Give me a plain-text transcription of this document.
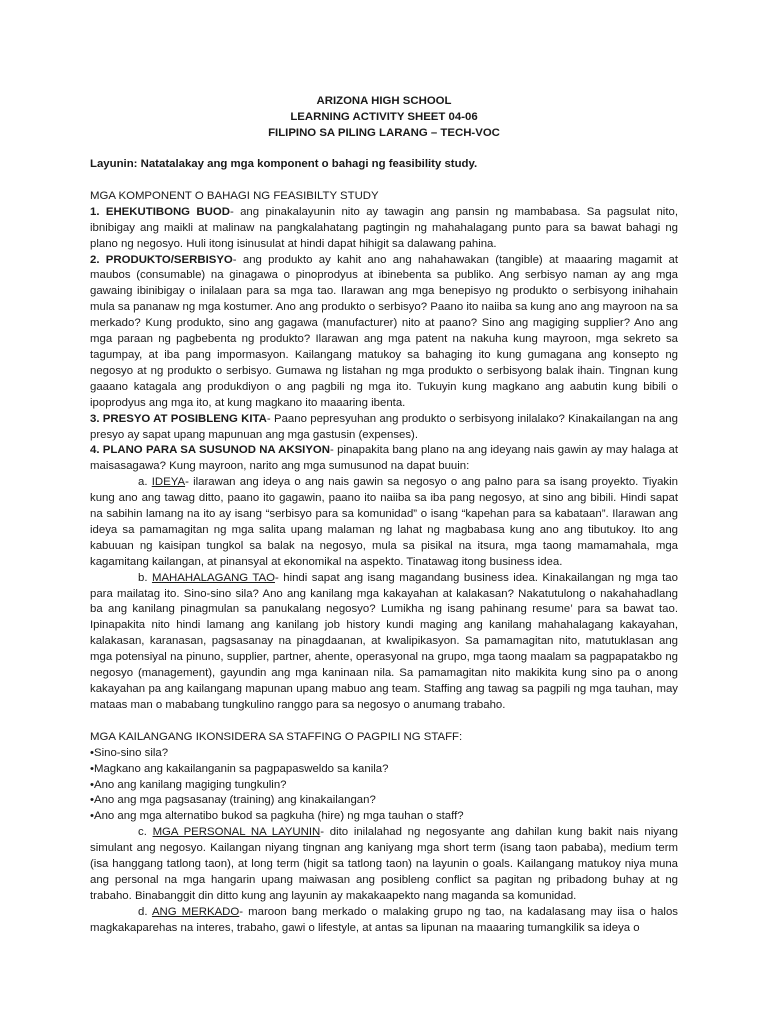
ARIZONA HIGH SCHOOL
LEARNING ACTIVITY SHEET 04-06
FILIPINO SA PILING LARANG – TECH-VOC
Layunin: Natatalakay ang mga komponent o bahagi ng feasibility study.

MGA KOMPONENT O BAHAGI NG FEASIBILTY STUDY

1. EHEKUTIBONG BUOD- ang pinakalayunin nito ay tawagin ang pansin ng mambabasa. Sa pagsulat nito, ibnibigay ang maikli at malinaw na pangkalahatang pagtingin ng mahahalagang punto para sa bawat bahagi ng plano ng negosyo. Huli itong isinusulat at hindi dapat hihigit sa dalawang pahina.

2. PRODUKTO/SERBISYO- ang produkto ay kahit ano ang nahahawakan (tangible) at maaaring magamit at maubos (consumable) na ginagawa o pinoprodyus at ibinebenta sa publiko. Ang serbisyo naman ay ang mga gawaing ibinibigay o inilalaan para sa mga tao. Ilarawan ang mga benepisyo ng produkto o serbisyong inihahain mula sa pananaw ng mga kostumer. Ano ang produkto o serbisyo? Paano ito naiiba sa kung ano ang mayroon na sa merkado? Kung produkto, sino ang gagawa (manufacturer) nito at paano? Sino ang magiging supplier? Ano ang mga paraan ng pagbebenta ng produkto? Ilarawan ang mga patent na nakuha kung mayroon, mga sekreto sa tagumpay, at iba pang impormasyon. Kailangang matukoy sa bahaging ito kung gumagana ang konsepto ng negosyo at ng produkto o serbisyo. Gumawa ng listahan ng mga produkto o serbisyong balak ihain. Tingnan kung gaaano katagala ang produkdiyon o ang pagbili ng mga ito. Tukuyin kung magkano ang aabutin kung bibili o ipoprodyus ang mga ito, at kung magkano ito maaaring ibenta.

3. PRESYO AT POSIBLENG KITA- Paano pepresyuhan ang produkto o serbisyong inilalako? Kinakailangan na ang presyo ay sapat upang mapunuan ang mga gastusin (expenses).

4. PLANO PARA SA SUSUNOD NA AKSIYON- pinapakita bang plano na ang ideyang nais gawin ay may halaga at maisasagawa? Kung mayroon, narito ang mga sumusunod na dapat buuin:

a. IDEYA- ilarawan ang ideya o ang nais gawin sa negosyo o ang palno para sa isang proyekto. Tiyakin kung ano ang tawag ditto, paano ito gagawin, paano ito naiiba sa iba pang negosyo, at sino ang bibili. Hindi sapat na sabihin lamang na ito ay isang “serbisyo para sa komunidad” o isang “kapehan para sa kabataan”. Ilarawan ang ideya sa pamamagitan ng mga salita upang malaman ng lahat ng magbabasa kung ano ang tibutukoy. Ito ang kabuuan ng kaisipan tungkol sa balak na negosyo, mula sa pisikal na itsura, mga taong mamamahala, mga kagamitang kailangan, at pinansyal at ekonomikal na aspekto. Tinatawag itong business idea.

b. MAHAHALAGANG TAO- hindi sapat ang isang magandang business idea. Kinakailangan ng mga tao para mailatag ito. Sino-sino sila? Ano ang kanilang mga kakayahan at kalakasan? Nakatutulong o nakahahadlang ba ang kanilang pinagmulan sa panukalang negosyo? Lumikha ng isang pahinang resume’ para sa bawat tao. Ipinapakita nito hindi lamang ang kanilang job history kundi maging ang kanilang mahahalagang kakayahan, kalakasan, karanasan, pagsasanay na pinagdaanan, at kwalipikasyon. Sa pamamagitan nito, matutuklasan ang mga potensiyal na pinuno, supplier, partner, ahente, operasyonal na grupo, mga taong maalam sa pagpapatakbo ng negosyo (management), gayundin ang mga kaninaan nila. Sa pamamagitan nito makikita kung sino pa o anong kakayahan pa ang kailangang mapunan upang mabuo ang team. Staffing ang tawag sa pagpili ng mga tauhan, may mataas man o mababang tungkulino ranggo para sa negosyo o anumang trabaho.

MGA KAILANGANG IKONSIDERA SA STAFFING O PAGPILI NG STAFF:

•Sino-sino sila?

•Magkano ang kakailanganin sa pagpapasweldo sa kanila?

•Ano ang kanilang magiging tungkulin?

•Ano ang mga pagsasanay (training) ang kinakailangan?

•Ano ang mga alternatibo bukod sa pagkuha (hire) ng mga tauhan o staff?

c. MGA PERSONAL NA LAYUNIN- dito inilalahad ng negosyante ang dahilan kung bakit nais niyang simulant ang negosyo. Kailangan niyang tingnan ang kaniyang mga short term (isang taon pababa), medium term (isa hanggang tatlong taon), at long term (higit sa tatlong taon) na layunin o goals. Kailangang matukoy niya muna ang personal na mga hangarin upang maiwasan ang posibleng conflict sa pagitan ng pribadong buhay at ng trabaho. Binabanggit din ditto kung ang layunin ay makakaapekto nang maganda sa komunidad.

d. ANG MERKADO- maroon bang merkado o malaking grupo ng tao, na kadalasang may iisa o halos magkakaparehas na interes, trabaho, gawi o lifestyle, at antas sa lipunan na maaaring tumangkilik sa ideya o
